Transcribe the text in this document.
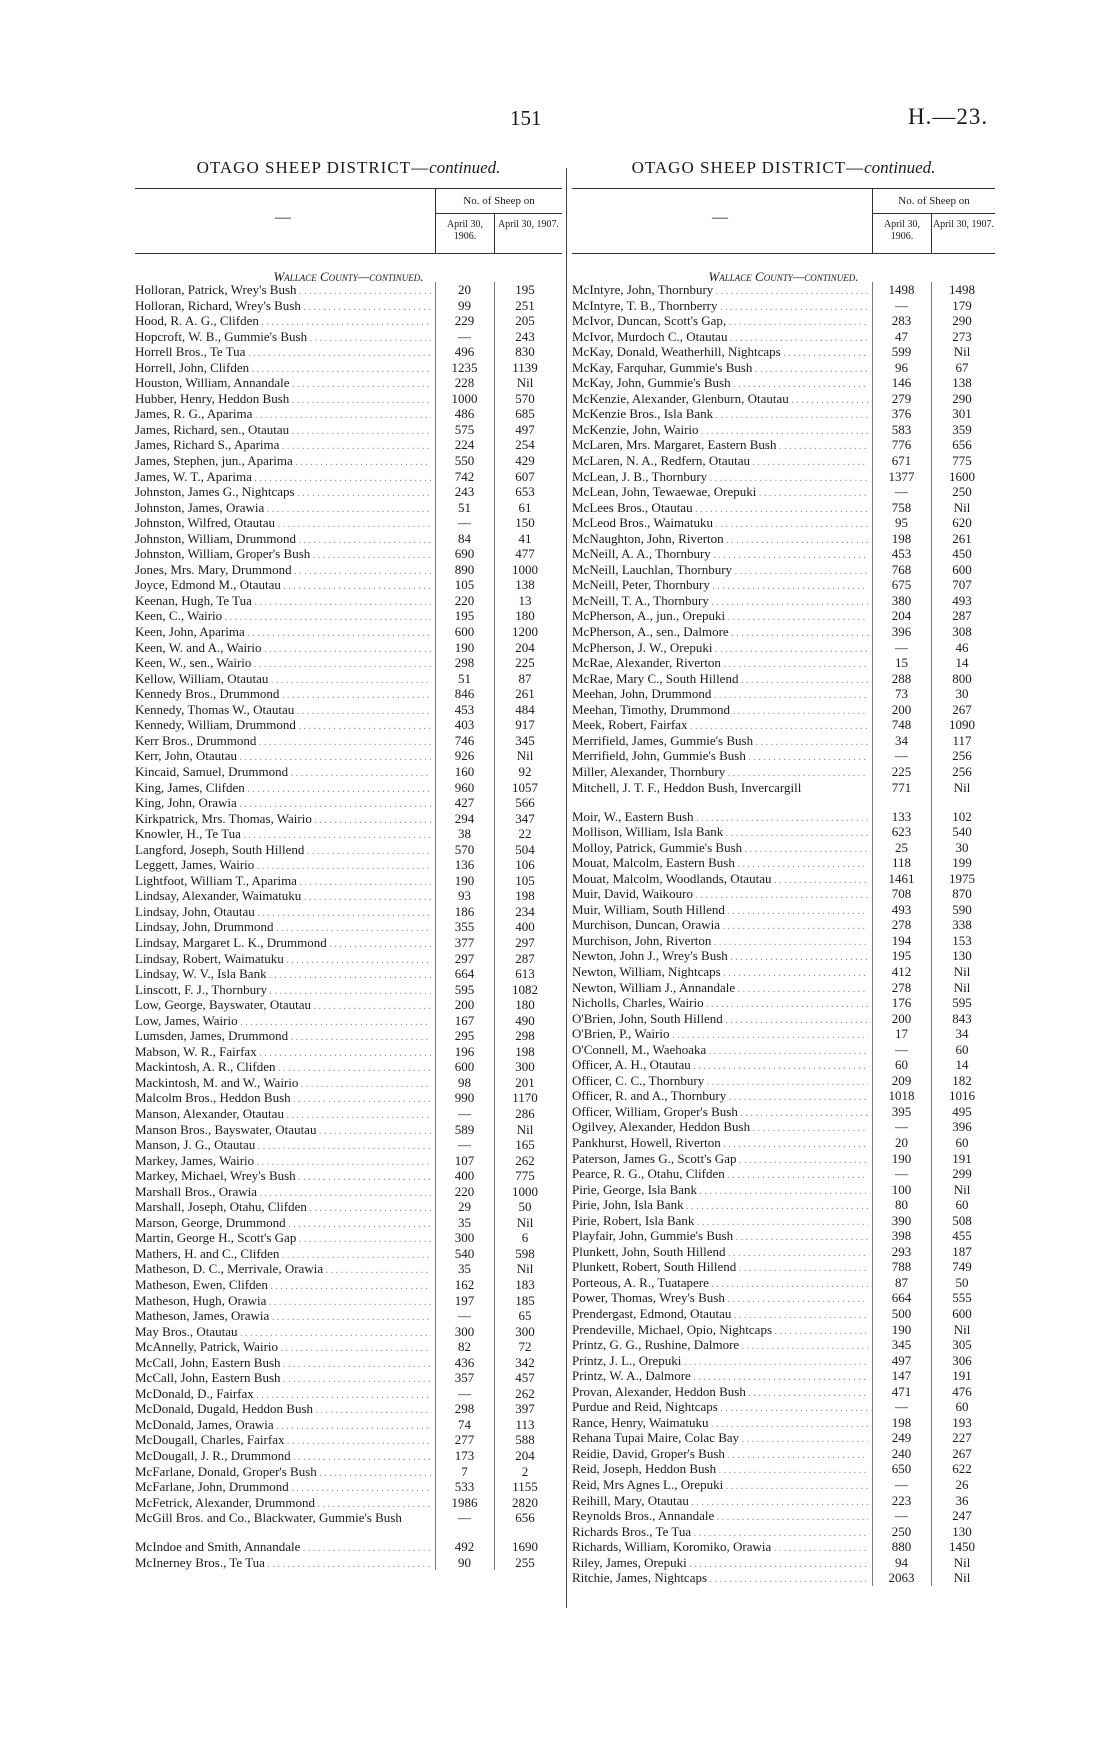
151	H.—23.
OTAGO SHEEP DISTRICT—continued.
—
No. of Sheep on
April 30, 1906.
April 30, 1907.
Wallace County—continued.
Holloran, Patrick, Wrey's Bush . . .	20	195
Holloran, Richard, Wrey's Bush . . .	99	251
Hood, R. A. G., Clifden . . .	229	205
Hopcroft, W. B., Gummie's Bush . . .	—	243
Horrell Bros., Te Tua . . .	496	830
Horrell, John, Clifden . . .	1235	1139
Houston, William, Annandale . . .	228	Nil
Hubber, Henry, Heddon Bush . . .	1000	570
James, R. G., Aparima . . .	486	685
James, Richard, sen., Otautau . . .	575	497
James, Richard S., Aparima . . .	224	254
James, Stephen, jun., Aparima . . .	550	429
James, W. T., Aparima . . .	742	607
Johnston, James G., Nightcaps . . .	243	653
Johnston, James, Orawia . . .	51	61
Johnston, Wilfred, Otautau . . .	—	150
Johnston, William, Drummond . . .	84	41
Johnston, William, Groper's Bush . . .	690	477
Jones, Mrs. Mary, Drummond . . .	890	1000
Joyce, Edmond M., Otautau . . .	105	138
Keenan, Hugh, Te Tua . . .	220	13
Keen, C., Wairio . . .	195	180
Keen, John, Aparima . . .	600	1200
Keen, W. and A., Wairio . . .	190	204
Keen, W., sen., Wairio . . .	298	225
Kellow, William, Otautau . . .	51	87
Kennedy Bros., Drummond . . .	846	261
Kennedy, Thomas W., Otautau . . .	453	484
Kennedy, William, Drummond . . .	403	917
Kerr Bros., Drummond . . .	746	345
Kerr, John, Otautau . . .	926	Nil
Kincaid, Samuel, Drummond . . .	160	92
King, James, Clifden . . .	960	1057
King, John, Orawia . . .	427	566
Kirkpatrick, Mrs. Thomas, Wairio . . .	294	347
Knowler, H., Te Tua . . .	38	22
Langford, Joseph, South Hillend . . .	570	504
Leggett, James, Wairio . . .	136	106
Lightfoot, William T., Aparima . . .	190	105
Lindsay, Alexander, Waimatuku . . .	93	198
Lindsay, John, Otautau . . .	186	234
Lindsay, John, Drummond . . .	355	400
Lindsay, Margaret L. K., Drummond . . .	377	297
Lindsay, Robert, Waimatuku . . .	297	287
Lindsay, W. V., Isla Bank . . .	664	613
Linscott, F. J., Thornbury . . .	595	1082
Low, George, Bayswater, Otautau . . .	200	180
Low, James, Wairio . . .	167	490
Lumsden, James, Drummond . . .	295	298
Mabson, W. R., Fairfax . . .	196	198
Mackintosh, A. R., Clifden . . .	600	300
Mackintosh, M. and W., Wairio . . .	98	201
Malcolm Bros., Heddon Bush . . .	990	1170
Manson, Alexander, Otautau . . .	—	286
Manson Bros., Bayswater, Otautau . . .	589	Nil
Manson, J. G., Otautau . . .	—	165
Markey, James, Wairio . . .	107	262
Markey, Michael, Wrey's Bush . . .	400	775
Marshall Bros., Orawia . . .	220	1000
Marshall, Joseph, Otahu, Clifden . . .	29	50
Marson, George, Drummond . . .	35	Nil
Martin, George H., Scott's Gap . . .	300	6
Mathers, H. and C., Clifden . . .	540	598
Matheson, D. C., Merrivale, Orawia . . .	35	Nil
Matheson, Ewen, Clifden . . .	162	183
Matheson, Hugh, Orawia . . .	197	185
Matheson, James, Orawia . . .	—	65
May Bros., Otautau . . .	300	300
McAnnelly, Patrick, Wairio . . .	82	72
McCall, John, Eastern Bush . . .	436	342
McCall, John, Eastern Bush . . .	357	457
McDonald, D., Fairfax . . .	—	262
McDonald, Dugald, Heddon Bush . . .	298	397
McDonald, James, Orawia . . .	74	113
McDougall, Charles, Fairfax . . .	277	588
McDougall, J. R., Drummond . . .	173	204
McFarlane, Donald, Groper's Bush . . .	7	2
McFarlane, John, Drummond . . .	533	1155
McFetrick, Alexander, Drummond . . .	1986	2820
McGill Bros. and Co., Blackwater, Gummie's Bush	—	656
McIndoe and Smith, Annandale . . .	492	1690
McInerney Bros., Te Tua . . .	90	255
OTAGO SHEEP DISTRICT—continued.
—
No. of Sheep on
April 30, 1906.
April 30, 1907.
Wallace County—continued.
McIntyre, John, Thornbury . . .	1498	1498
McIntyre, T. B., Thornberry . . .	—	179
McIvor, Duncan, Scott's Gap, . . .	283	290
McIvor, Murdoch C., Otautau . . .	47	273
McKay, Donald, Weatherhill, Nightcaps . . .	599	Nil
McKay, Farquhar, Gummie's Bush . . .	96	67
McKay, John, Gummie's Bush . . .	146	138
McKenzie, Alexander, Glenburn, Otautau . . .	279	290
McKenzie Bros., Isla Bank . . .	376	301
McKenzie, John, Wairio . . .	583	359
McLaren, Mrs. Margaret, Eastern Bush . . .	776	656
McLaren, N. A., Redfern, Otautau . . .	671	775
McLean, J. B., Thornbury . . .	1377	1600
McLean, John, Tewaewae, Orepuki . . .	—	250
McLees Bros., Otautau . . .	758	Nil
McLeod Bros., Waimatuku . . .	95	620
McNaughton, John, Riverton . . .	198	261
McNeill, A. A., Thornbury . . .	453	450
McNeill, Lauchlan, Thornbury . . .	768	600
McNeill, Peter, Thornbury . . .	675	707
McNeill, T. A., Thornbury . . .	380	493
McPherson, A., jun., Orepuki . . .	204	287
McPherson, A., sen., Dalmore . . .	396	308
McPherson, J. W., Orepuki . . .	—	46
McRae, Alexander, Riverton . . .	15	14
McRae, Mary C., South Hillend . . .	288	800
Meehan, John, Drummond . . .	73	30
Meehan, Timothy, Drummond . . .	200	267
Meek, Robert, Fairfax . . .	748	1090
Merrifield, James, Gummie's Bush . . .	34	117
Merrifield, John, Gummie's Bush . . .	—	256
Miller, Alexander, Thornbury . . .	225	256
Mitchell, J. T. F., Heddon Bush, Invercargill	771	Nil
Moir, W., Eastern Bush . . .	133	102
Mollison, William, Isla Bank . . .	623	540
Molloy, Patrick, Gummie's Bush . . .	25	30
Mouat, Malcolm, Eastern Bush . . .	118	199
Mouat, Malcolm, Woodlands, Otautau . . .	1461	1975
Muir, David, Waikouro . . .	708	870
Muir, William, South Hillend . . .	493	590
Murchison, Duncan, Orawia . . .	278	338
Murchison, John, Riverton . . .	194	153
Newton, John J., Wrey's Bush . . .	195	130
Newton, William, Nightcaps . . .	412	Nil
Newton, William J., Annandale . . .	278	Nil
Nicholls, Charles, Wairio . . .	176	595
O'Brien, John, South Hillend . . .	200	843
O'Brien, P., Wairio . . .	17	34
O'Connell, M., Waehoaka . . .	—	60
Officer, A. H., Otautau . . .	60	14
Officer, C. C., Thornbury . . .	209	182
Officer, R. and A., Thornbury . . .	1018	1016
Officer, William, Groper's Bush . . .	395	495
Ogilvey, Alexander, Heddon Bush . . .	—	396
Pankhurst, Howell, Riverton . . .	20	60
Paterson, James G., Scott's Gap . . .	190	191
Pearce, R. G., Otahu, Clifden . . .	—	299
Pirie, George, Isla Bank . . .	100	Nil
Pirie, John, Isla Bank . . .	80	60
Pirie, Robert, Isla Bank . . .	390	508
Playfair, John, Gummie's Bush . . .	398	455
Plunkett, John, South Hillend . . .	293	187
Plunkett, Robert, South Hillend . . .	788	749
Porteous, A. R., Tuatapere . . .	87	50
Power, Thomas, Wrey's Bush . . .	664	555
Prendergast, Edmond, Otautau . . .	500	600
Prendeville, Michael, Opio, Nightcaps . . .	190	Nil
Printz, G. G., Rushine, Dalmore . . .	345	305
Printz, J. L., Orepuki . . .	497	306
Printz, W. A., Dalmore . . .	147	191
Provan, Alexander, Heddon Bush . . .	471	476
Purdue and Reid, Nightcaps . . .	—	60
Rance, Henry, Waimatuku . . .	198	193
Rehana Tupai Maire, Colac Bay . . .	249	227
Reidie, David, Groper's Bush . . .	240	267
Reid, Joseph, Heddon Bush . . .	650	622
Reid, Mrs Agnes L., Orepuki . . .	—	26
Reihill, Mary, Otautau . . .	223	36
Reynolds Bros., Annandale . . .	—	247
Richards Bros., Te Tua . . .	250	130
Richards, William, Koromiko, Orawia . . .	880	1450
Riley, James, Orepuki . . .	94	Nil
Ritchie, James, Nightcaps . . .	2063	Nil
